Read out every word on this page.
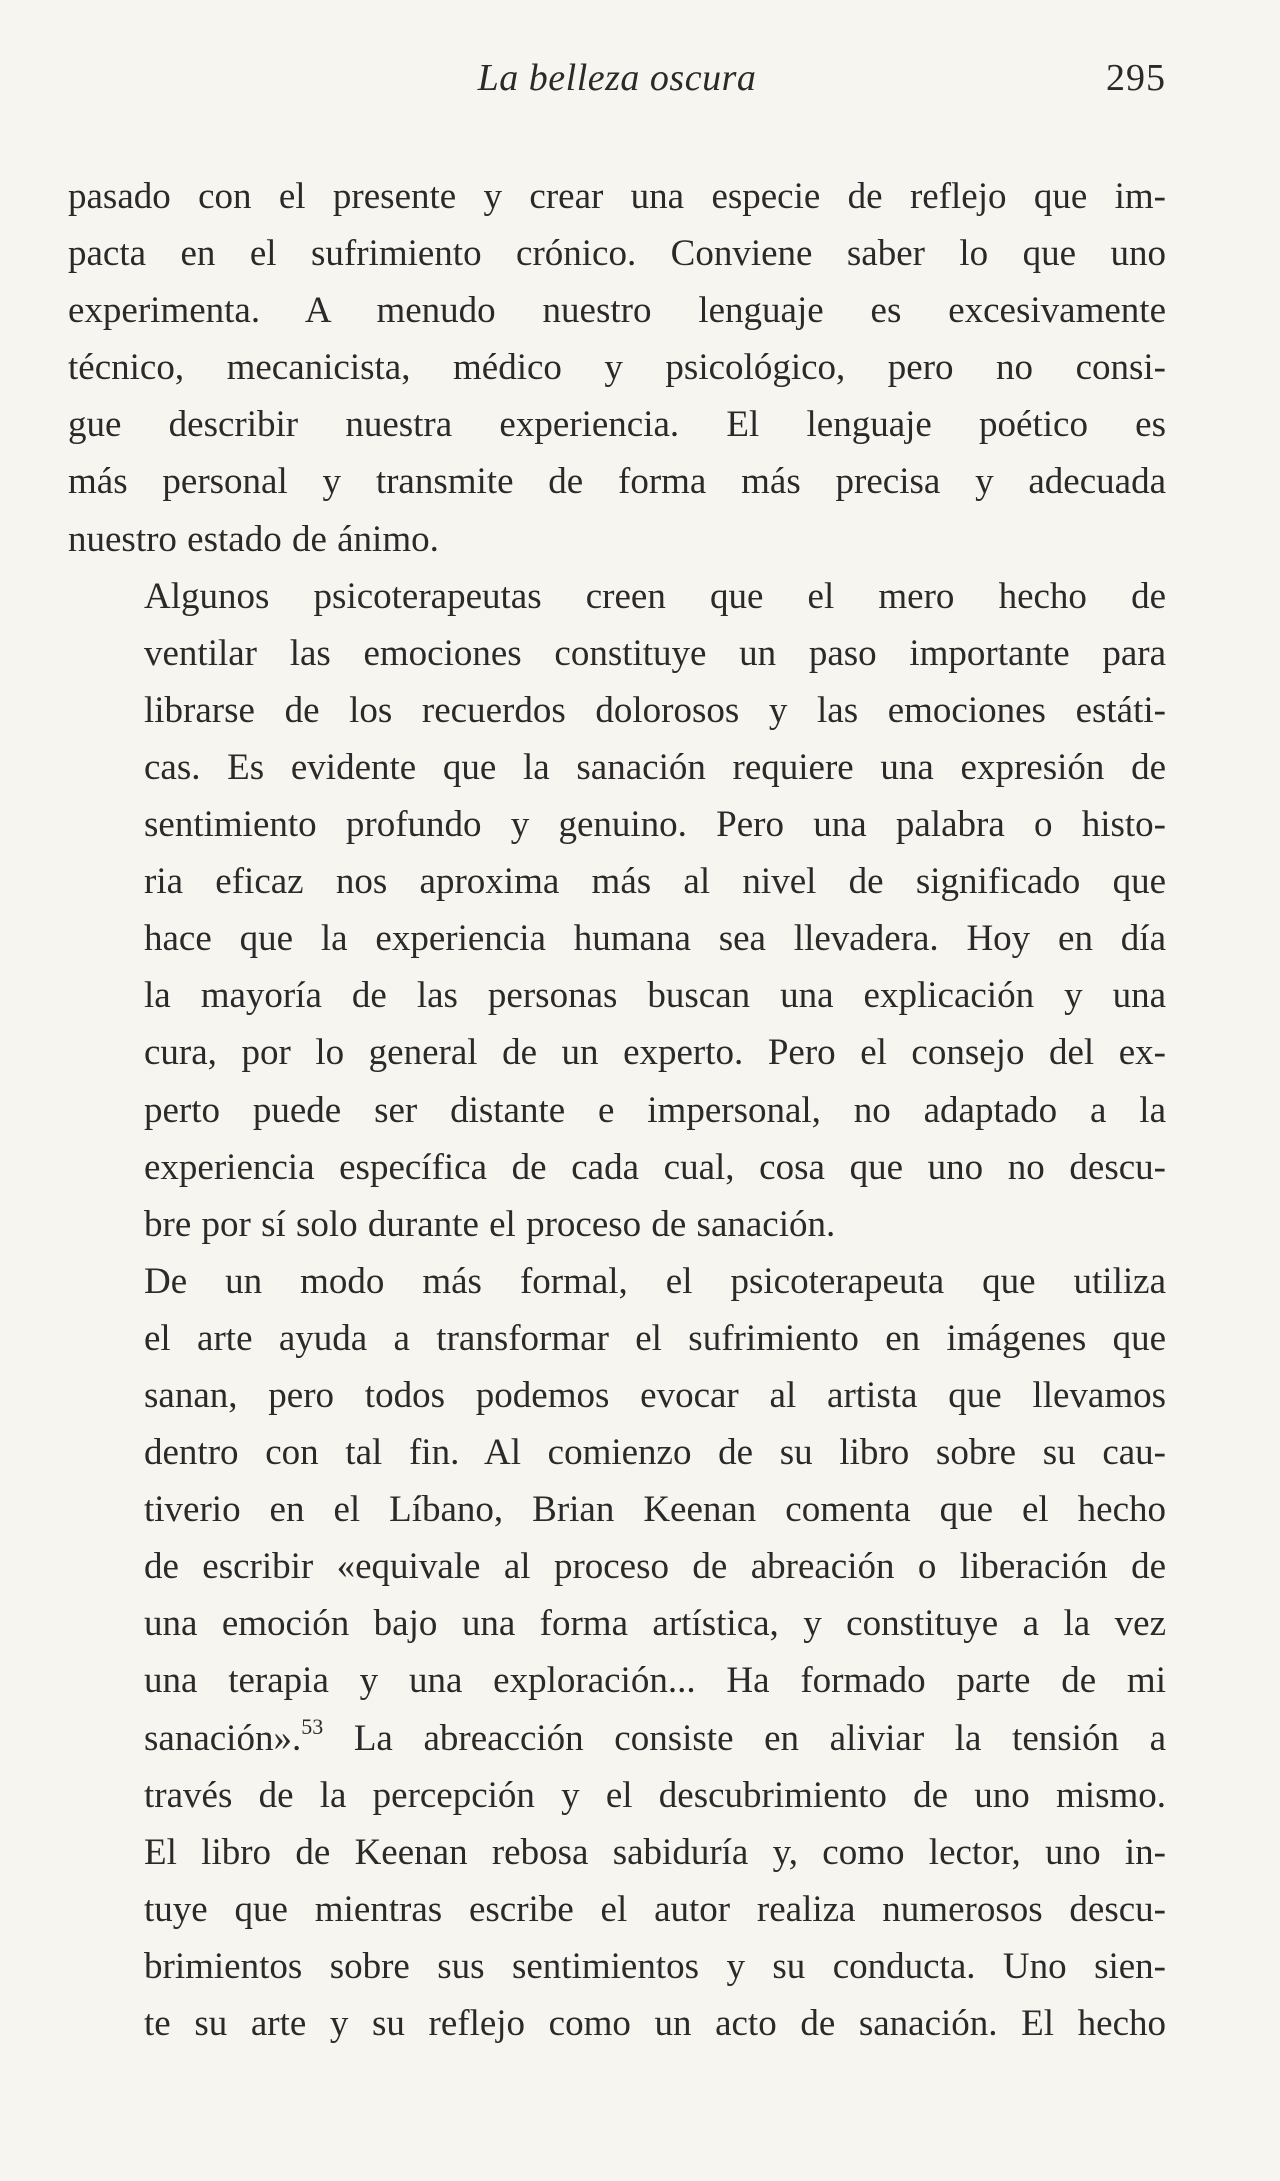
La belleza oscura	295

pasado con el presente y crear una especie de reflejo que im-
pacta en el sufrimiento crónico. Conviene saber lo que uno
experimenta. A menudo nuestro lenguaje es excesivamente
técnico, mecanicista, médico y psicológico, pero no consi-
gue describir nuestra experiencia. El lenguaje poético es
más personal y transmite de forma más precisa y adecuada
nuestro estado de ánimo.

Algunos psicoterapeutas creen que el mero hecho de
ventilar las emociones constituye un paso importante para
librarse de los recuerdos dolorosos y las emociones estáti-
cas. Es evidente que la sanación requiere una expresión de
sentimiento profundo y genuino. Pero una palabra o histo-
ria eficaz nos aproxima más al nivel de significado que
hace que la experiencia humana sea llevadera. Hoy en día
la mayoría de las personas buscan una explicación y una
cura, por lo general de un experto. Pero el consejo del ex-
perto puede ser distante e impersonal, no adaptado a la
experiencia específica de cada cual, cosa que uno no descu-
bre por sí solo durante el proceso de sanación.

De un modo más formal, el psicoterapeuta que utiliza
el arte ayuda a transformar el sufrimiento en imágenes que
sanan, pero todos podemos evocar al artista que llevamos
dentro con tal fin. Al comienzo de su libro sobre su cau-
tiverio en el Líbano, Brian Keenan comenta que el hecho
de escribir «equivale al proceso de abreación o liberación de
una emoción bajo una forma artística, y constituye a la vez
una terapia y una exploración... Ha formado parte de mi
sanación».$^{53}$ La abreacción consiste en aliviar la tensión a
través de la percepción y el descubrimiento de uno mismo.
El libro de Keenan rebosa sabiduría y, como lector, uno in-
tuye que mientras escribe el autor realiza numerosos descu-
brimientos sobre sus sentimientos y su conducta. Uno sien-
te su arte y su reflejo como un acto de sanación. El hecho
